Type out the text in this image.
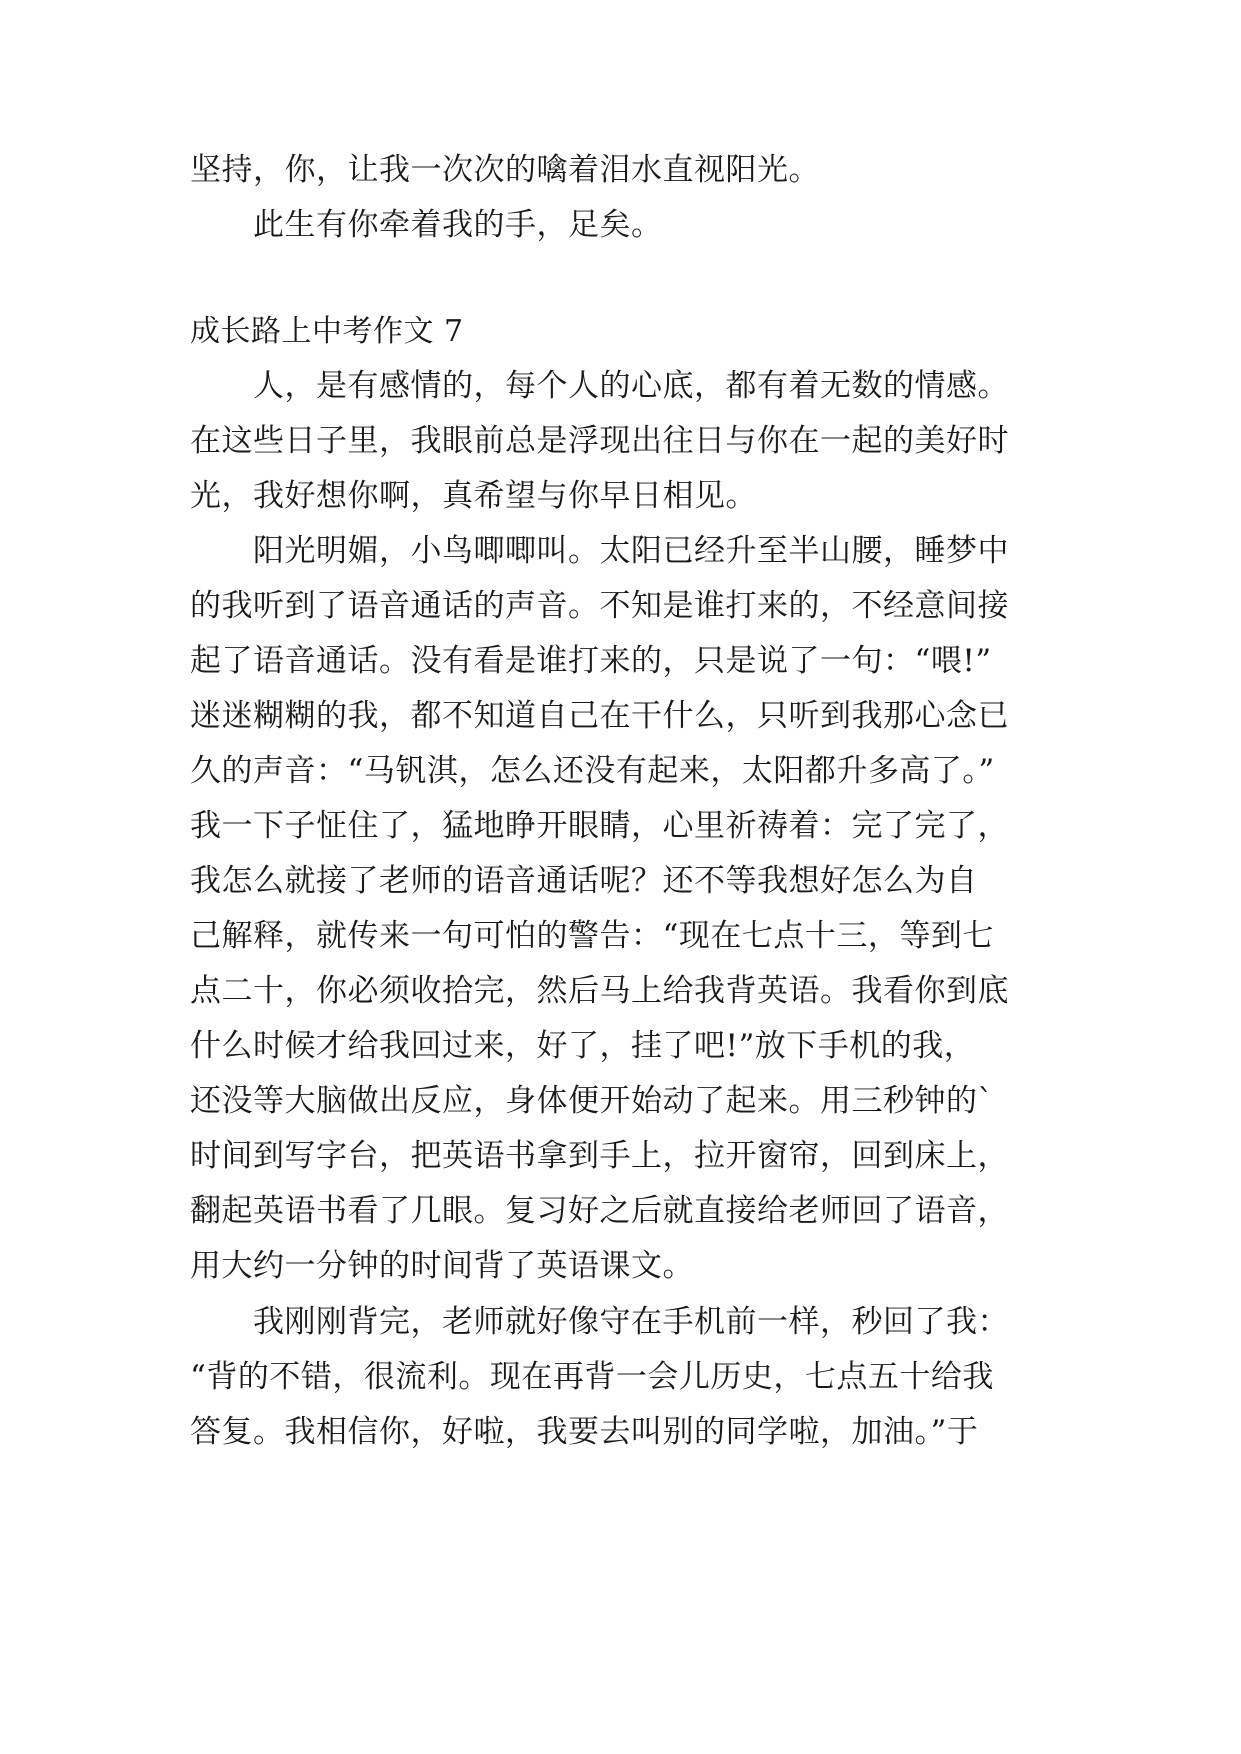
坚持，你，让我一次次的噙着泪水直视阳光。
　　此生有你牵着我的手，足矣。
成长路上中考作文 7
　　人，是有感情的，每个人的心底，都有着无数的情感。
在这些日子里，我眼前总是浮现出往日与你在一起的美好时
光，我好想你啊，真希望与你早日相见。
　　阳光明媚，小鸟唧唧叫。太阳已经升至半山腰，睡梦中
的我听到了语音通话的声音。不知是谁打来的，不经意间接
起了语音通话。没有看是谁打来的，只是说了一句：“喂!”
迷迷糊糊的我，都不知道自己在干什么，只听到我那心念已
久的声音：“马钒淇，怎么还没有起来，太阳都升多高了。”
我一下子怔住了，猛地睁开眼睛，心里祈祷着：完了完了，
我怎么就接了老师的语音通话呢？还不等我想好怎么为自
己解释，就传来一句可怕的警告：“现在七点十三，等到七
点二十，你必须收拾完，然后马上给我背英语。我看你到底
什么时候才给我回过来，好了，挂了吧!”放下手机的我，
还没等大脑做出反应，身体便开始动了起来。用三秒钟的`
时间到写字台，把英语书拿到手上，拉开窗帘，回到床上，
翻起英语书看了几眼。复习好之后就直接给老师回了语音，
用大约一分钟的时间背了英语课文。
　　我刚刚背完，老师就好像守在手机前一样，秒回了我：
“背的不错，很流利。现在再背一会儿历史，七点五十给我
答复。我相信你，好啦，我要去叫别的同学啦，加油。”于
